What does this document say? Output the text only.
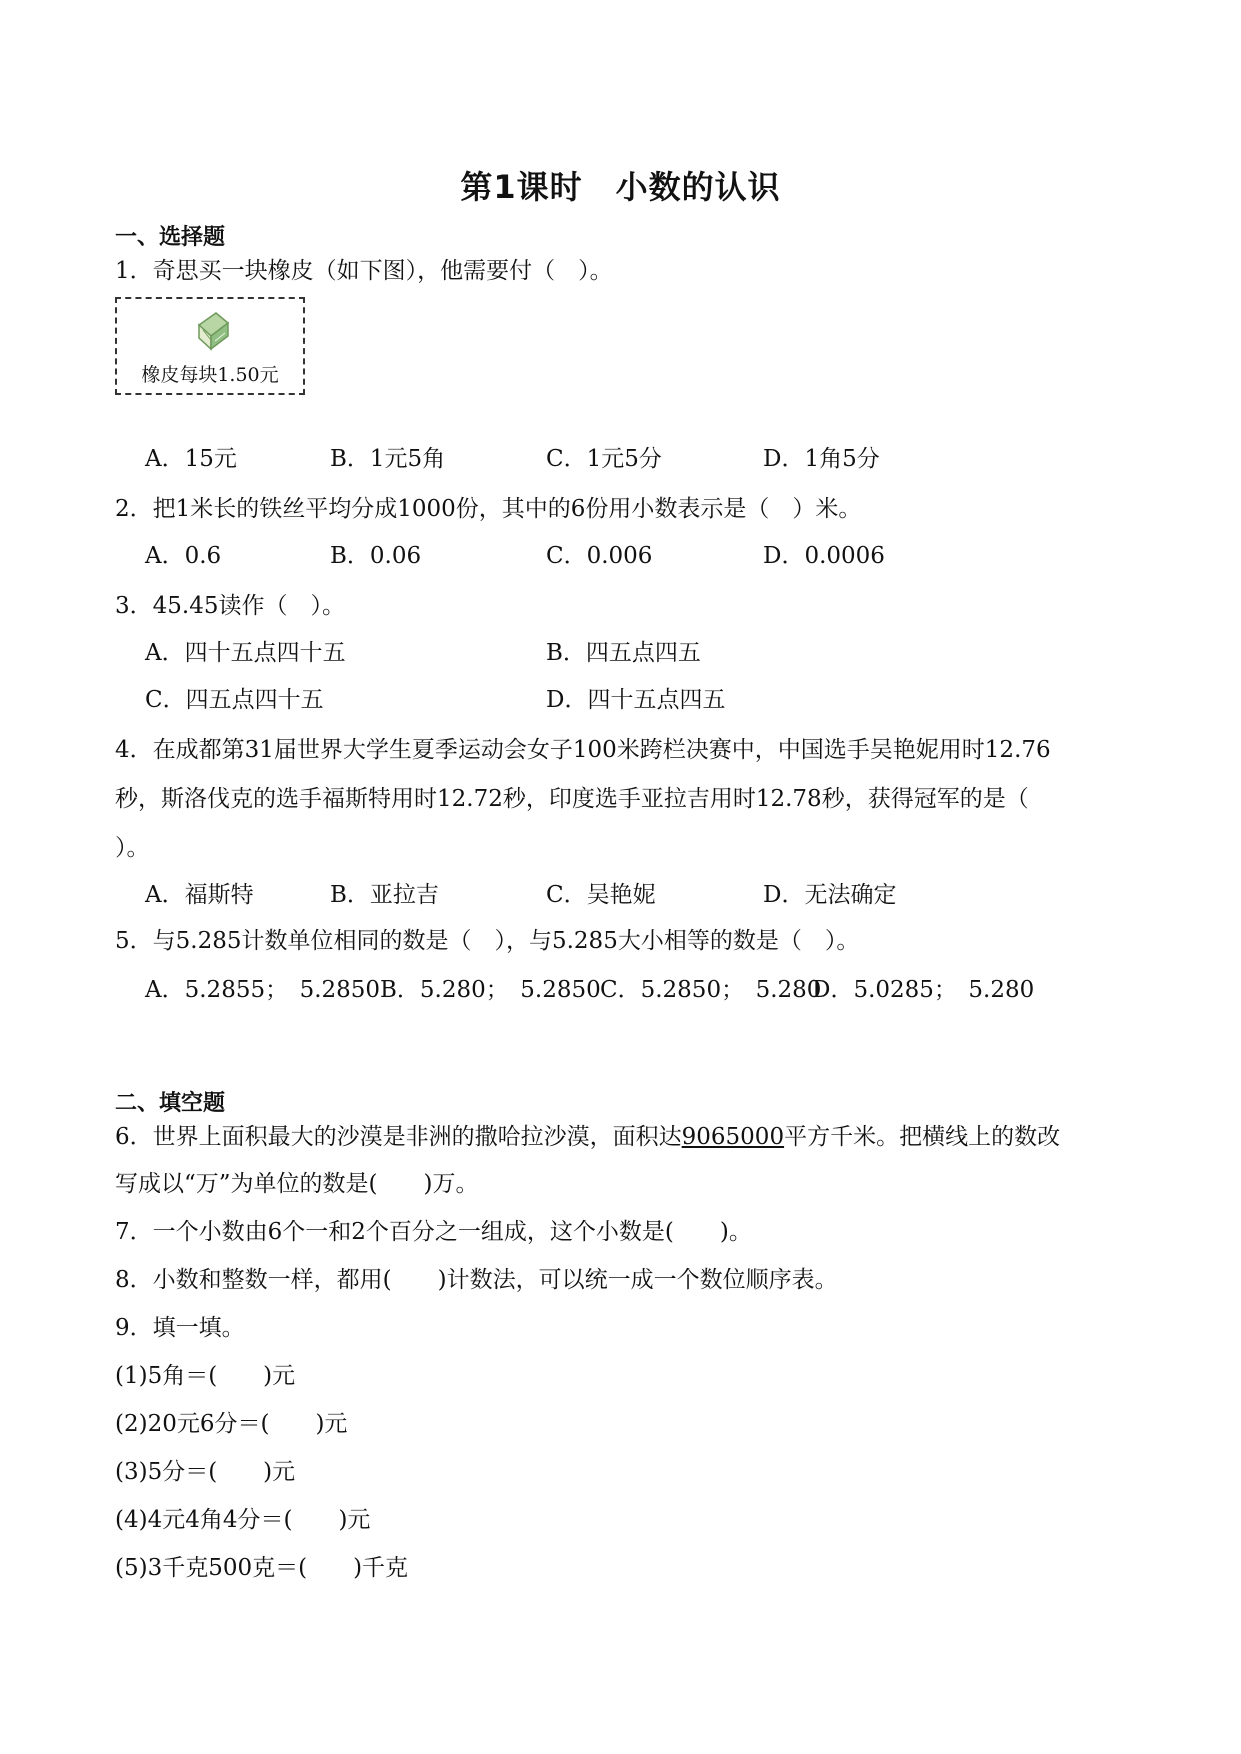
第1课时　小数的认识
一、选择题
1．奇思买一块橡皮（如下图），他需要付（　）。
橡皮每块1.50元
A．15元	B．1元5角	C．1元5分	D．1角5分
2．把1米长的铁丝平均分成1000份，其中的6份用小数表示是（　）米。
A．0.6	B．0.06	C．0.006	D．0.0006
3．45.45读作（　）。
A．四十五点四十五	B．四五点四五
C．四五点四十五	D．四十五点四五
4．在成都第31届世界大学生夏季运动会女子100米跨栏决赛中，中国选手吴艳妮用时12.76
秒，斯洛伐克的选手福斯特用时12.72秒，印度选手亚拉吉用时12.78秒，获得冠军的是（
）。
A．福斯特	B．亚拉吉	C．吴艳妮	D．无法确定
5．与5.285计数单位相同的数是（　），与5.285大小相等的数是（　）。
A．5.2855；　5.2850 B．5.280；　5.2850 C．5.2850；　5.280
D．5.0285；　5.280
二、填空题
6．世界上面积最大的沙漠是非洲的撒哈拉沙漠，面积达9065000平方千米。把横线上的数改
写成以“万”为单位的数是(　　)万。
7．一个小数由6个一和2个百分之一组成，这个小数是(　　)。
8．小数和整数一样，都用(　　)计数法，可以统一成一个数位顺序表。
9．填一填。
(1)5角＝(　　)元
(2)20元6分＝(　　)元
(3)5分＝(　　)元
(4)4元4角4分＝(　　)元
(5)3千克500克＝(　　)千克
